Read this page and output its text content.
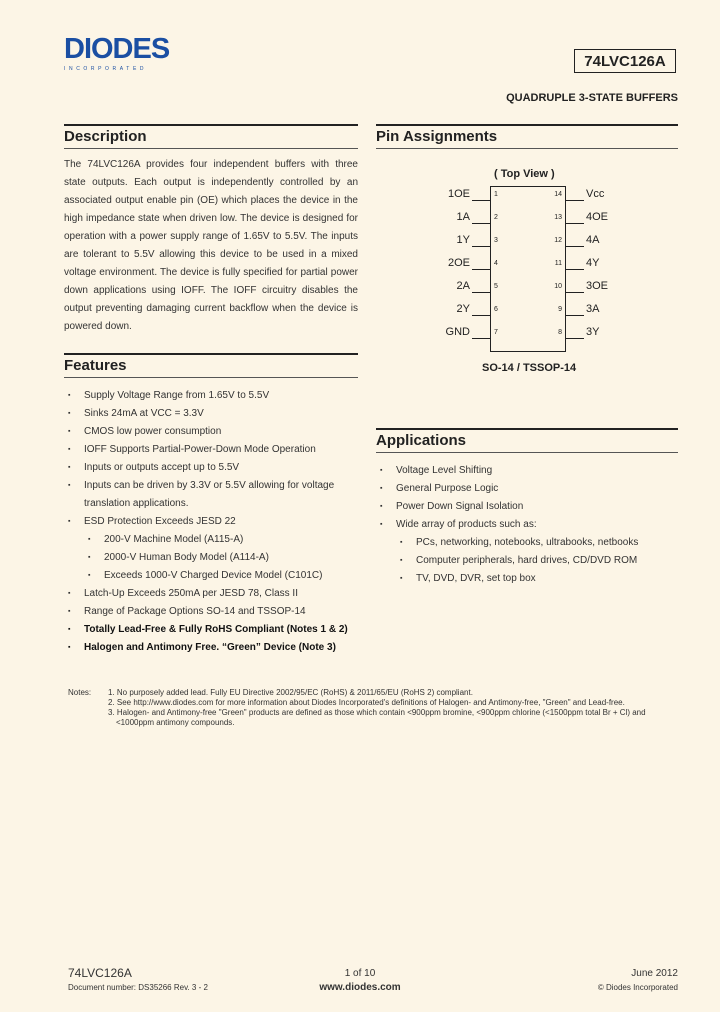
DIODES
INCORPORATED	74LVC126A
QUADRUPLE 3-STATE BUFFERS
Description
The 74LVC126A provides four independent buffers with three state outputs. Each output is independently controlled by an associated output enable pin (OE) which places the device in the high impedance state when driven low. The device is designed for operation with a power supply range of 1.65V to 5.5V. The inputs are tolerant to 5.5V allowing this device to be used in a mixed voltage environment. The device is fully specified for partial power down applications using IOFF. The IOFF circuitry disables the output preventing damaging current backflow when the device is powered down.
Features
▪ Supply Voltage Range from 1.65V to 5.5V
▪ Sinks 24mA at VCC = 3.3V
▪ CMOS low power consumption
▪ IOFF Supports Partial-Power-Down Mode Operation
▪ Inputs or outputs accept up to 5.5V
▪ Inputs can be driven by 3.3V or 5.5V allowing for voltage translation applications.
▪ ESD Protection Exceeds JESD 22
▪ 200-V Machine Model (A115-A)
▪ 2000-V Human Body Model (A114-A)
▪ Exceeds 1000-V Charged Device Model (C101C)
▪ Latch-Up Exceeds 250mA per JESD 78, Class II
▪ Range of Package Options SO-14 and TSSOP-14
▪ Totally Lead-Free & Fully RoHS Compliant (Notes 1 & 2)
▪ Halogen and Antimony Free. “Green” Device (Note 3)
Pin Assignments
( Top View )
1OE	1
1A	2
1Y	3
2OE	4
2A	5
2Y	6
GND	7
14 Vcc
13 4OE
12 4A
11 4Y
10 3OE
9 3A
8 3Y
SO-14 / TSSOP-14
Applications
▪ Voltage Level Shifting
▪ General Purpose Logic
▪ Power Down Signal Isolation
▪ Wide array of products such as:
▪ PCs, networking, notebooks, ultrabooks, netbooks
▪ Computer peripherals, hard drives, CD/DVD ROM
▪ TV, DVD, DVR, set top box
Notes: 1. No purposely added lead. Fully EU Directive 2002/95/EC (RoHS) & 2011/65/EU (RoHS 2) compliant.
2. See http://www.diodes.com for more information about Diodes Incorporated's definitions of Halogen- and Antimony-free, "Green" and Lead-free.
3. Halogen- and Antimony-free "Green" products are defined as those which contain <900ppm bromine, <900ppm chlorine (<1500ppm total Br + Cl) and
<1000ppm antimony compounds.
74LVC126A
Document number: DS35266 Rev. 3 - 2
1 of 10
www.diodes.com
June 2012
© Diodes Incorporated
